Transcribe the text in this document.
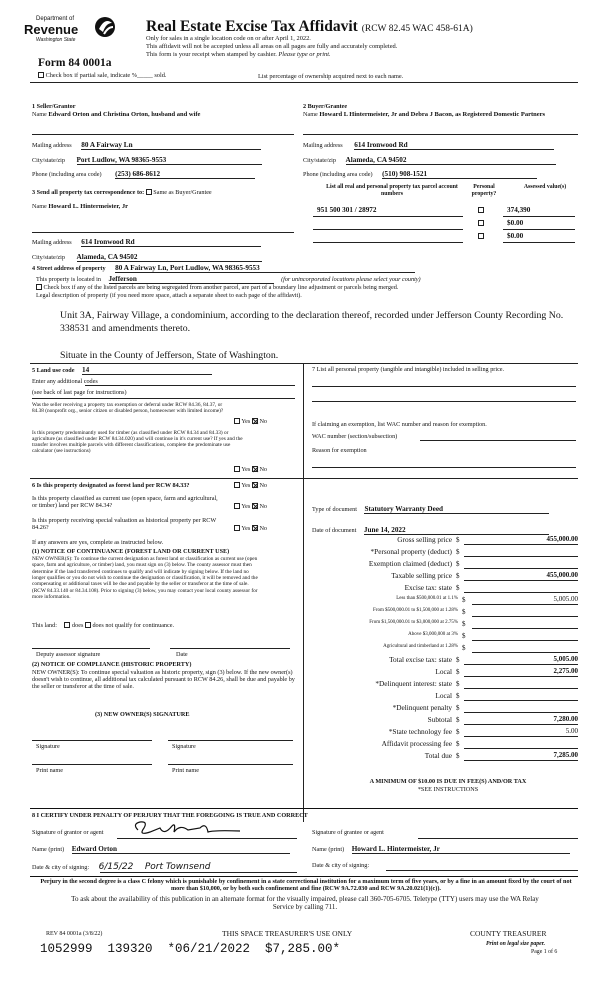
Department of
Revenue
Washington State
Real Estate Excise Tax Affidavit (RCW 82.45 WAC 458-61A)
Only for sales in a single location code on or after April 1, 2022.
This affidavit will not be accepted unless all areas on all pages are fully and accurately completed.
This form is your receipt when stamped by cashier. Please type or print.
Form 84 0001a
Check box if partial sale, indicate %_____ sold.	List percentage of ownership acquired next to each name.
1 Seller/Grantor
Name Edward Orton and Christina Orton, husband and wife
Mailing address 80 A Fairway Ln
City/state/zip Port Ludlow, WA 98365-9553
Phone (including area code) (253) 686-8612
2 Buyer/Grantee
Name Howard L Hintermeister, Jr and Debra J Bacon, as Registered Domestic Partners
Mailing address 614 Ironwood Rd
City/state/zip Alameda, CA 94502
Phone (including area code) (510) 908-1521
3 Send all property tax correspondence to: Same as Buyer/Grantee
Name Howard L. Hintermeister, Jr
Mailing address 614 Ironwood Rd
City/state/zip Alameda, CA 94502
List all real and personal property tax parcel account numbers
Personal property?
Assessed value(s)
951 500 301 / 28972	374,390
$0.00
$0.00
4 Street address of property 80 A Fairway Ln, Port Ludlow, WA 98365-9553
This property is located in Jefferson	(for unincorporated locations please select your county)
Check box if any of the listed parcels are being segregated from another parcel, are part of a boundary line adjustment or parcels being merged.
Legal description of property (if you need more space, attach a separate sheet to each page of the affidavit).
Unit 3A, Fairway Village, a condominium, according to the declaration thereof, recorded under Jefferson County Recording No. 338531 and amendments thereto.
Situate in the County of Jefferson, State of Washington.
5 Land use code 14
Enter any additional codes
(see back of last page for instructions)
Was the seller receiving a property tax exemption or deferral under RCW 84.36, 84.37, or 84.38 (nonprofit org., senior citizen or disabled person, homeowner with limited income)?
Yes No
Is this property predominantly used for timber (as classified under RCW 84.34 and 84.33) or agriculture (as classified under RCW 84.34.020) and will continue in it's current use? If yes and the transfer involves multiple parcels with different classifications, complete the predominate use calculator (see instructions)
Yes No
6 Is this property designated as forest land per RCW 84.33?	Yes No
Is this property classified as current use (open space, farm and agricultural, or timber) land per RCW 84.34?	Yes No
Is this property receiving special valuation as historical property per RCW 84.26?	Yes No
If any answers are yes, complete as instructed below.
(1) NOTICE OF CONTINUANCE (FOREST LAND OR CURRENT USE)
NEW OWNER(S): To continue the current designation as forest land or classification as current use (open space, farm and agriculture, or timber) land, you must sign on (3) below. The county assessor must then determine if the land transferred continues to qualify and will indicate by signing below. If the land no longer qualifies or you do not wish to continue the designation or classification, it will be removed and the compensating or additional taxes will be due and payable by the seller or transferor at the time of sale. (RCW 84.33.140 or 84.34.108). Prior to signing (3) below, you may contact your local county assessor for more information.
This land: does does not qualify for continuance.
Deputy assessor signature	Date
(2) NOTICE OF COMPLIANCE (HISTORIC PROPERTY)
NEW OWNER(S): To continue special valuation as historic property, sign (3) below. If the new owner(s) doesn't wish to continue, all additional tax calculated pursuant to RCW 84.26, shall be due and payable by the seller or transferor at the time of sale.
(3) NEW OWNER(S) SIGNATURE
Signature	Signature
Print name	Print name
7 List all personal property (tangible and intangible) included in selling price.
If claiming an exemption, list WAC number and reason for exemption.
WAC number (section/subsection)
Reason for exemption
Type of document Statutory Warranty Deed
Date of document June 14, 2022
Gross selling price $	455,000.00
*Personal property (deduct) $
Exemption claimed (deduct) $
Taxable selling price $	455,000.00
Excise tax: state $
Less than $500,000.01 at 1.1% $	5,005.00
From $500,000.01 to $1,500,000 at 1.28% $
From $1,500,000.01 to $3,000,000 at 2.75% $
Above $3,000,000 at 3% $
Agricultural and timberland at 1.28% $
Total excise tax: state $	5,005.00
Local $	2,275.00
*Delinquent interest: state $
Local $
*Delinquent penalty $
Subtotal $	7,280.00
*State technology fee $	5.00
Affidavit processing fee $
Total due $	7,285.00
A MINIMUM OF $10.00 IS DUE IN FEE(S) AND/OR TAX
*SEE INSTRUCTIONS
8 I CERTIFY UNDER PENALTY OF PERJURY THAT THE FOREGOING IS TRUE AND CORRECT
Signature of grantor or agent	Signature of grantee or agent
Name (print) Edward Orton	Name (print) Howard L. Hintermeister, Jr
Date & city of signing: 6/15/22 Port Townsend	Date & city of signing:
Perjury in the second degree is a class C felony which is punishable by confinement in a state correctional institution for a maximum term of five years, or by a fine in an amount fixed by the court of not more than $10,000, or by both such confinement and fine (RCW 9A.72.030 and RCW 9A.20.021(1)(c)).
To ask about the availability of this publication in an alternate format for the visually impaired, please call 360-705-6705. Teletype (TTY) users may use the WA Relay Service by calling 711.
REV 84 0001a (3/8/22)	THIS SPACE TREASURER'S USE ONLY	COUNTY TREASURER
Print on legal size paper.
Page 1 of 6
1052999  139320  *06/21/2022  $7,285.00*
